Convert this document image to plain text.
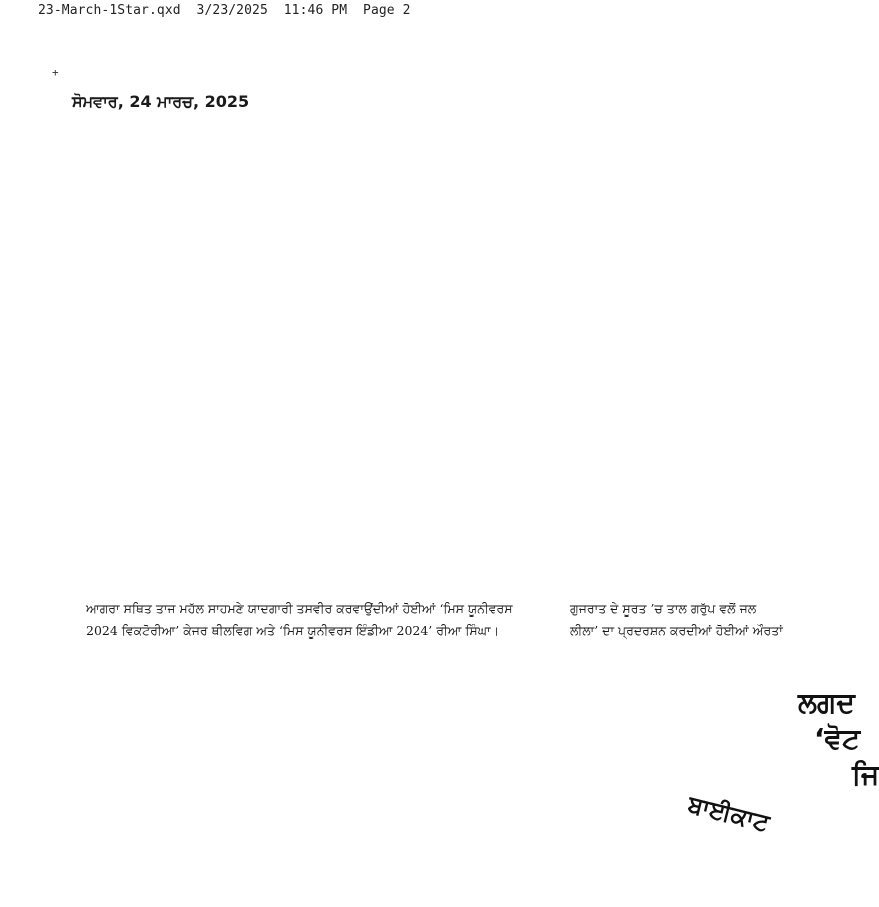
23-March-1Star.qxd 3/23/2025 11:46 PM Page 2
+
ਸੋਮਵਾਰ, 24 ਮਾਰਚ, 2025
ਆਗਰਾ ਸਥਿਤ ਤਾਜ ਮਹੱਲ ਸਾਹਮਣੇ ਯਾਦਗਾਰੀ ਤਸਵੀਰ ਕਰਵਾਉਂਦੀਆਂ ਹੋਈਆਂ ‘ਮਿਸ ਯੂਨੀਵਰਸ
2024 ਵਿਕਟੋਰੀਆ’ ਕੇਜਰ ਥੀਲਵਿਗ ਅਤੇ ‘ਮਿਸ ਯੂਨੀਵਰਸ ਇੰਡੀਆ 2024’ ਰੀਆ ਸਿੰਘਾ।
ਗੁਜਰਾਤ ਦੇ ਸੂਰਤ ’ਚ ਤਾਲ ਗਰੁੱਪ ਵਲੋਂ ਜਲ
ਲੀਲਾ’ ਦਾ ਪ੍ਰਦਰਸ਼ਨ ਕਰਦੀਆਂ ਹੋਈਆਂ ਔਰਤਾਂ
ਲਗਦ
‘ਵੋਟ
ਜਿ
ਬਾਈਕਾਟ
